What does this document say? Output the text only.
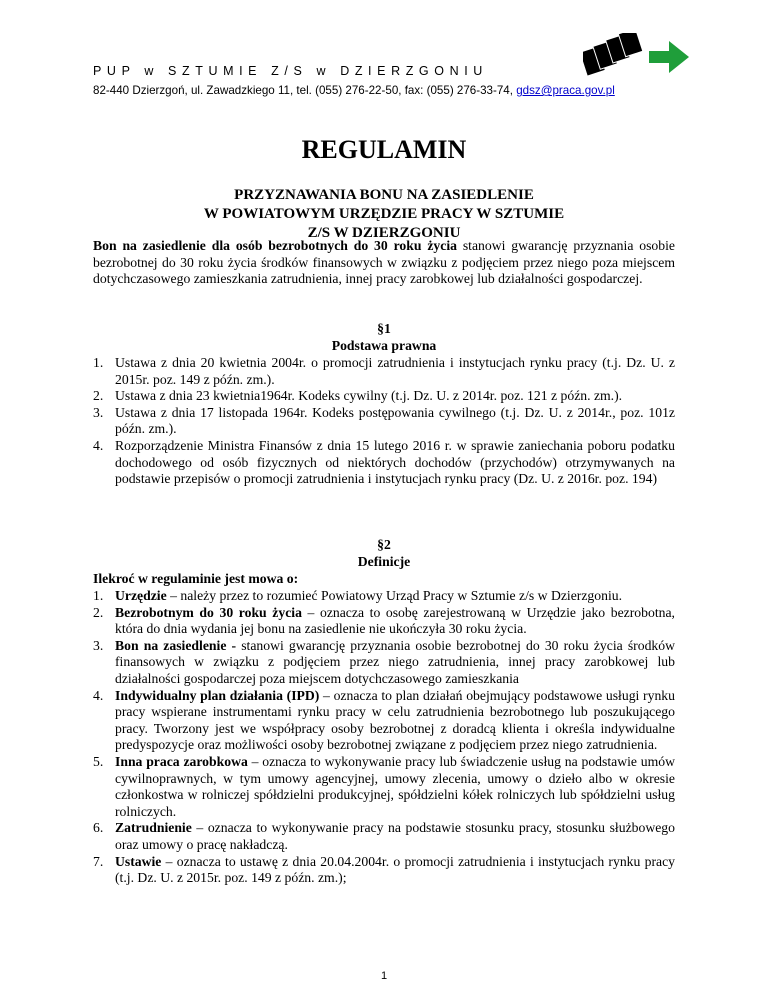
PUP w SZTUMIE Z/S w DZIERZGONIU
82-440 Dzierzgoń, ul. Zawadzkiego 11, tel. (055) 276-22-50, fax: (055) 276-33-74, gdsz@praca.gov.pl
REGULAMIN
PRZYZNAWANIA BONU NA ZASIEDLENIE
W POWIATOWYM URZĘDZIE PRACY W SZTUMIE
Z/S W DZIERZGONIU
Bon na zasiedlenie dla osób bezrobotnych do 30 roku życia stanowi gwarancję przyznania osobie bezrobotnej do 30 roku życia środków finansowych w związku z podjęciem przez niego poza miejscem dotychczasowego zamieszkania zatrudnienia, innej pracy zarobkowej lub działalności gospodarczej.
§1
Podstawa prawna
1. Ustawa z dnia 20 kwietnia 2004r. o promocji zatrudnienia i instytucjach rynku pracy (t.j. Dz. U. z 2015r. poz. 149 z późn. zm.).
2. Ustawa z dnia 23 kwietnia1964r. Kodeks cywilny (t.j. Dz. U. z 2014r. poz. 121 z późn. zm.).
3. Ustawa z dnia 17 listopada 1964r. Kodeks postępowania cywilnego (t.j. Dz. U. z 2014r., poz. 101z późn. zm.).
4. Rozporządzenie Ministra Finansów z dnia 15 lutego 2016 r. w sprawie zaniechania poboru podatku dochodowego od osób fizycznych od niektórych dochodów (przychodów) otrzymywanych na podstawie przepisów o promocji zatrudnienia i instytucjach rynku pracy (Dz. U. z 2016r. poz. 194)
§2
Definicje
Ilekroć w regulaminie jest mowa o:
1. Urzędzie – należy przez to rozumieć Powiatowy Urząd Pracy w Sztumie z/s w Dzierzgoniu.
2. Bezrobotnym do 30 roku życia – oznacza to osobę zarejestrowaną w Urzędzie jako bezrobotna, która do dnia wydania jej bonu na zasiedlenie nie ukończyła 30 roku życia.
3. Bon na zasiedlenie - stanowi gwarancję przyznania osobie bezrobotnej do 30 roku życia środków finansowych w związku z podjęciem przez niego zatrudnienia, innej pracy zarobkowej lub działalności gospodarczej poza miejscem dotychczasowego zamieszkania
4. Indywidualny plan działania (IPD) – oznacza to plan działań obejmujący podstawowe usługi rynku pracy wspierane instrumentami rynku pracy w celu zatrudnienia bezrobotnego lub poszukującego pracy. Tworzony jest we współpracy osoby bezrobotnej z doradcą klienta i określa indywidualne predyspozycje oraz możliwości osoby bezrobotnej związane z podjęciem przez niego zatrudnienia.
5. Inna praca zarobkowa – oznacza to wykonywanie pracy lub świadczenie usług na podstawie umów cywilnoprawnych, w tym umowy agencyjnej, umowy zlecenia, umowy o dzieło albo w okresie członkostwa w rolniczej spółdzielni produkcyjnej, spółdzielni kółek rolniczych lub spółdzielni usług rolniczych.
6. Zatrudnienie – oznacza to wykonywanie pracy na podstawie stosunku pracy, stosunku służbowego oraz umowy o pracę nakładczą.
7. Ustawie – oznacza to ustawę z dnia 20.04.2004r. o promocji zatrudnienia i instytucjach rynku pracy (t.j. Dz. U. z 2015r. poz. 149 z późn. zm.);
1
